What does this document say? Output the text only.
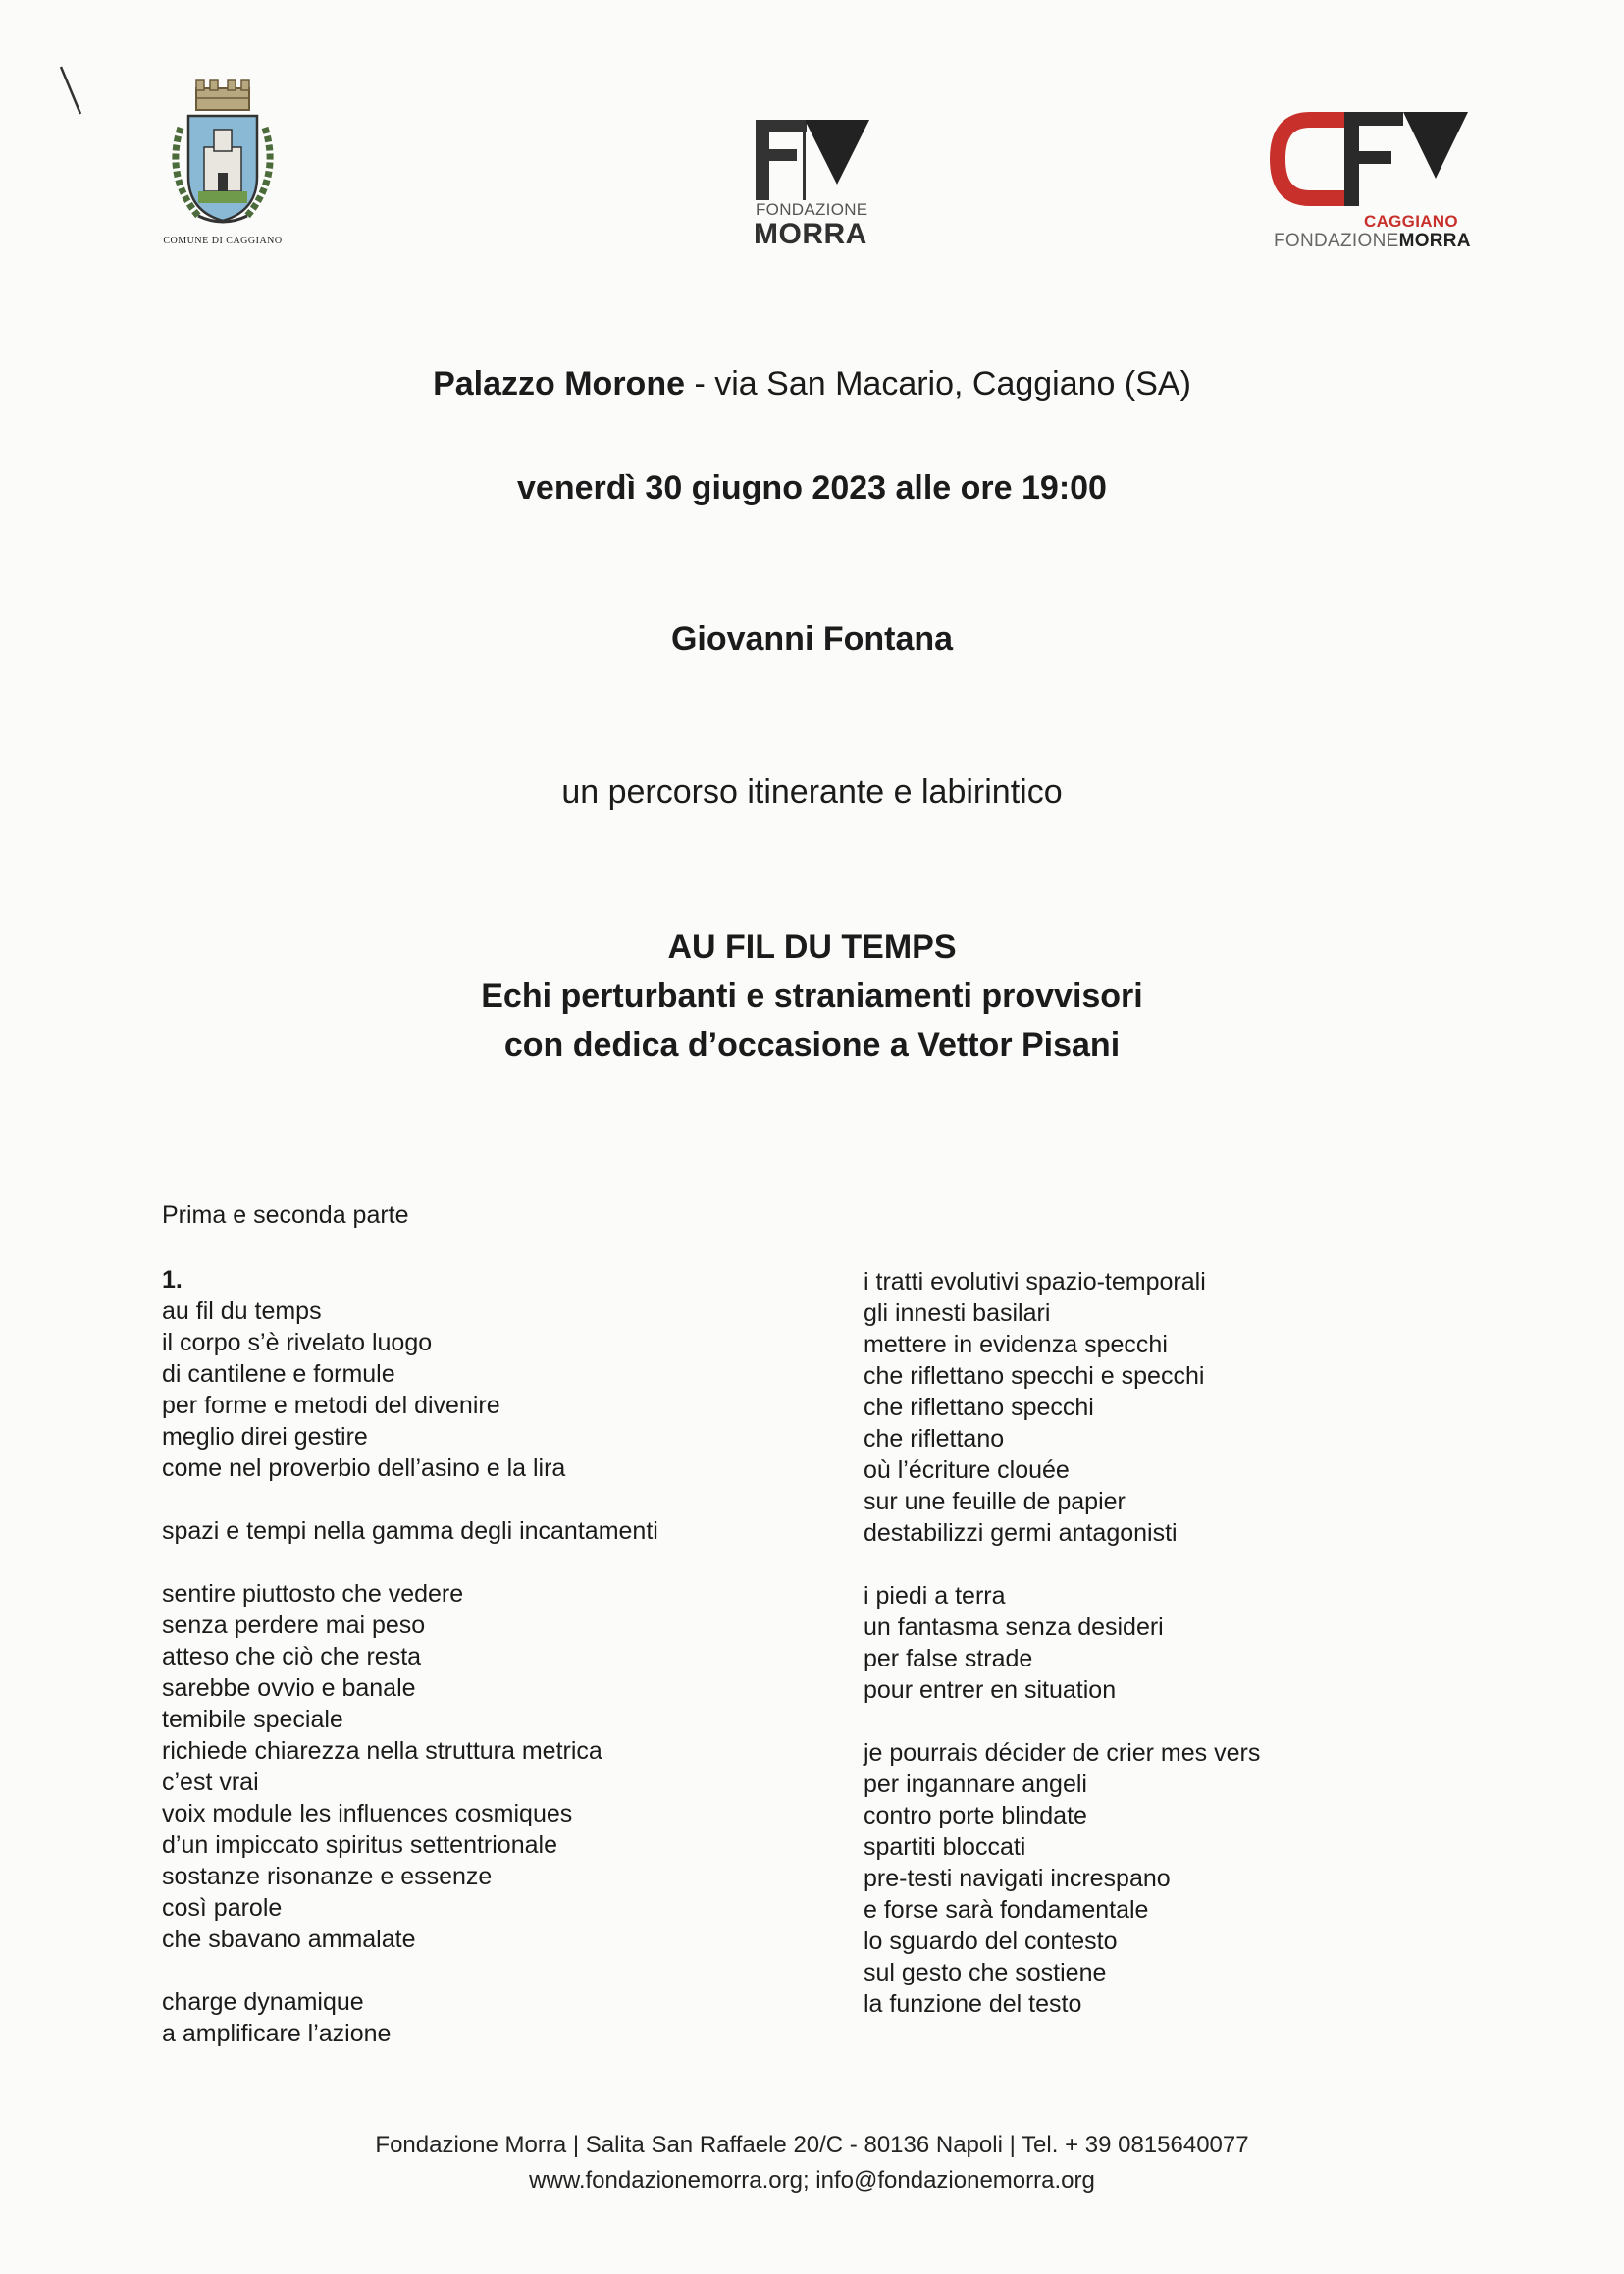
COMUNE DI CAGGIANO
FONDAZIONE
MORRA	CAGGIANO
FONDAZIONEMORRA
Palazzo Morone - via San Macario, Caggiano (SA)
venerdì 30 giugno 2023 alle ore 19:00
Giovanni Fontana
un percorso itinerante e labirintico
AU FIL DU TEMPS
Echi perturbanti e straniamenti provvisori
con dedica d’occasione a Vettor Pisani
Prima e seconda parte
1.
au fil du temps
il corpo s’è rivelato luogo
di cantilene e formule
per forme e metodi del divenire
meglio direi gestire
come nel proverbio dell’asino e la lira
spazi e tempi nella gamma degli incantamenti
sentire piuttosto che vedere
senza perdere mai peso
atteso che ciò che resta
sarebbe ovvio e banale
temibile speciale
richiede chiarezza nella struttura metrica
c’est vrai
voix module les influences cosmiques
d’un impiccato spiritus settentrionale
sostanze risonanze e essenze
così parole
che sbavano ammalate
charge dynamique
a amplificare l’azione
i tratti evolutivi spazio-temporali
gli innesti basilari
mettere in evidenza specchi
che riflettano specchi e specchi
che riflettano specchi
che riflettano
où l’écriture clouée
sur une feuille de papier
destabilizzi germi antagonisti
i piedi a terra
un fantasma senza desideri
per false strade
pour entrer en situation
je pourrais décider de crier mes vers
per ingannare angeli
contro porte blindate
spartiti bloccati
pre-testi navigati increspano
e forse sarà fondamentale
lo sguardo del contesto
sul gesto che sostiene
la funzione del testo
Fondazione Morra | Salita San Raffaele 20/C - 80136 Napoli | Tel. + 39 0815640077
www.fondazionemorra.org; info@fondazionemorra.org
